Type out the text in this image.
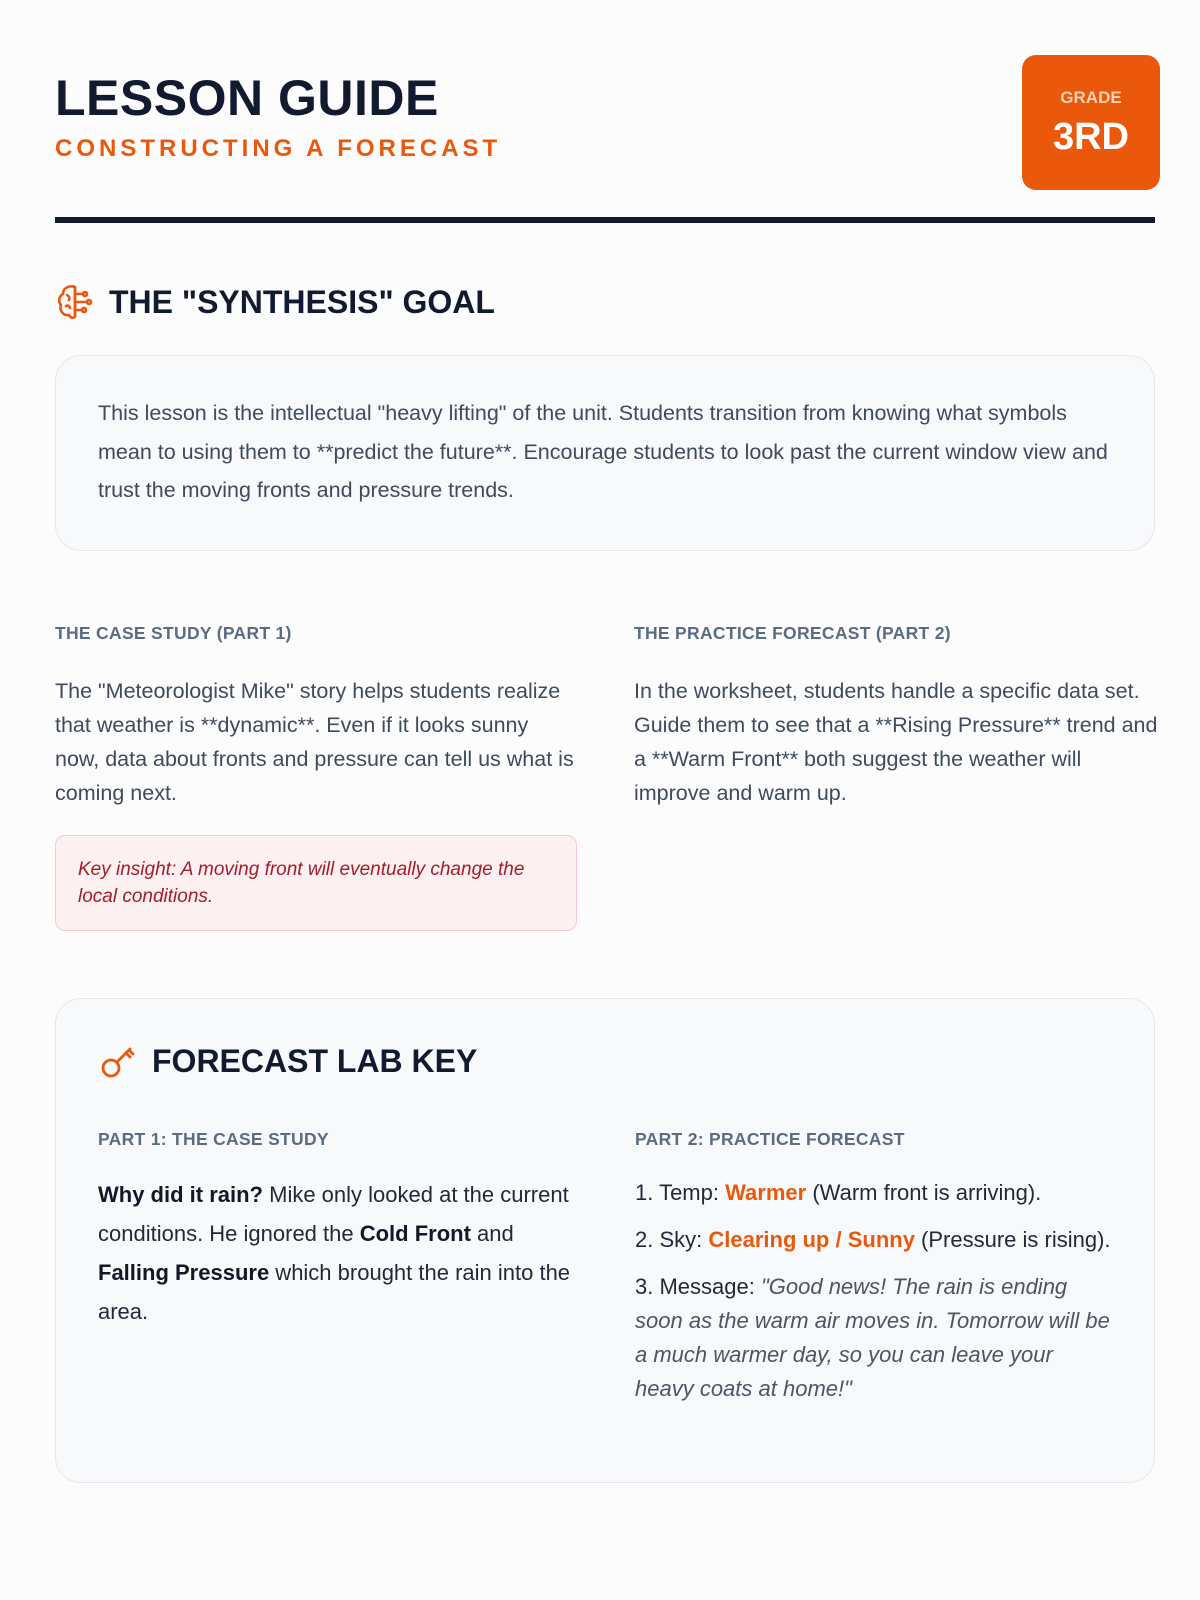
LESSON GUIDE
CONSTRUCTING A FORECAST
GRADE
3RD
THE "SYNTHESIS" GOAL
This lesson is the intellectual "heavy lifting" of the unit. Students transition from knowing what symbols mean to using them to **predict the future**. Encourage students to look past the current window view and trust the moving fronts and pressure trends.
THE CASE STUDY (PART 1)
The "Meteorologist Mike" story helps students realize that weather is **dynamic**. Even if it looks sunny now, data about fronts and pressure can tell us what is coming next.
Key insight: A moving front will eventually change the local conditions.
THE PRACTICE FORECAST (PART 2)
In the worksheet, students handle a specific data set. Guide them to see that a **Rising Pressure** trend and a **Warm Front** both suggest the weather will improve and warm up.
FORECAST LAB KEY
PART 1: THE CASE STUDY
Why did it rain? Mike only looked at the current conditions. He ignored the Cold Front and Falling Pressure which brought the rain into the area.
PART 2: PRACTICE FORECAST

1. Temp: Warmer (Warm front is arriving).

2. Sky: Clearing up / Sunny (Pressure is rising).

3. Message: "Good news! The rain is ending soon as the warm air moves in. Tomorrow will be a much warmer day, so you can leave your heavy coats at home!"
